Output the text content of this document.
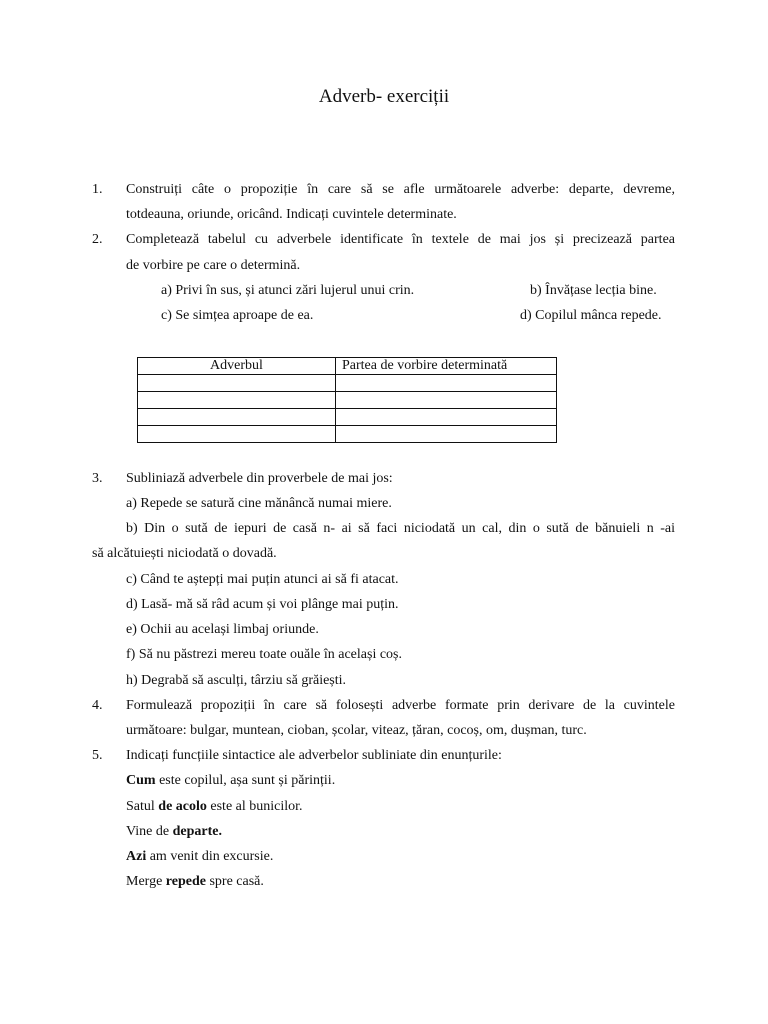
Adverb- exerciții
1. Construiți câte o propoziție în care să se afle următoarele adverbe: departe, devreme,
totdeauna, oriunde, oricând. Indicați cuvintele determinate.
2. Completează tabelul cu adverbele identificate în textele de mai jos și precizează partea
de vorbire pe care o determină.
a) Privi în sus, și atunci zări lujerul unui crin.	b) Învățase lecția bine.
c) Se simțea aproape de ea.	d) Copilul mânca repede.
Adverbul	Partea de vorbire determinată

3. Subliniază adverbele din proverbele de mai jos:
a) Repede se satură cine mănâncă numai miere.
b) Din o sută de iepuri de casă n- ai să faci niciodată un cal, din o sută de bănuieli n -ai
să alcătuiești niciodată o dovadă.
c) Când te aștepți mai puțin atunci ai să fi atacat.
d) Lasă- mă să râd acum și voi plânge mai puțin.
e) Ochii au același limbaj oriunde.
f) Să nu păstrezi mereu toate ouăle în același coș.
h) Degrabă să asculți, târziu să grăiești.
4. Formulează propoziții în care să folosești adverbe formate prin derivare de la cuvintele
următoare: bulgar, muntean, cioban, școlar, viteaz, țăran, cocoș, om, dușman, turc.
5. Indicați funcțiile sintactice ale adverbelor subliniate din enunțurile:
Cum este copilul, așa sunt și părinții.
Satul de acolo este al bunicilor.
Vine de departe.
Azi am venit din excursie.
Merge repede spre casă.
